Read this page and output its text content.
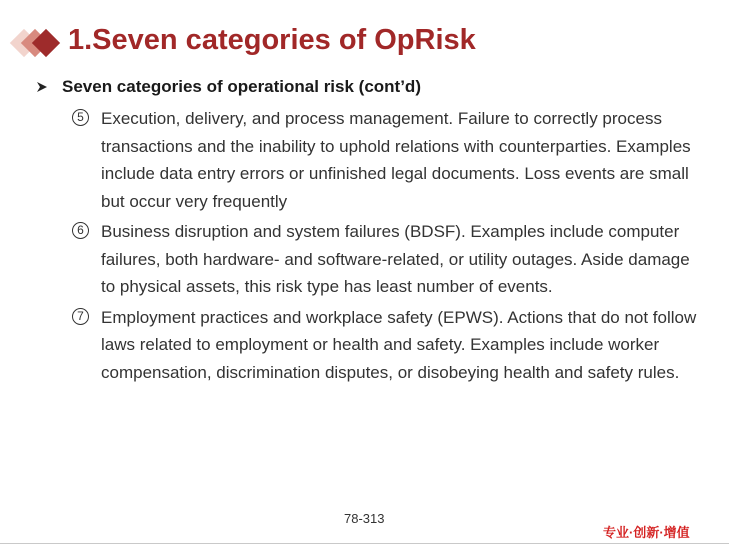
1.Seven categories of OpRisk
Seven categories of operational risk (cont’d)
5	Execution, delivery, and process management. Failure to correctly process transactions and the inability to uphold relations with counterparties. Examples include data entry errors or unfinished legal documents. Loss events are small but occur very frequently
6	Business disruption and system failures (BDSF). Examples include computer failures, both hardware- and software-related, or utility outages. Aside damage to physical assets, this risk type has least number of events.
7	Employment practices and workplace safety (EPWS). Actions that do not follow laws related to employment or health and safety. Examples include worker compensation, discrimination disputes, or disobeying health and safety rules.
78-313
专业·创新·增值
